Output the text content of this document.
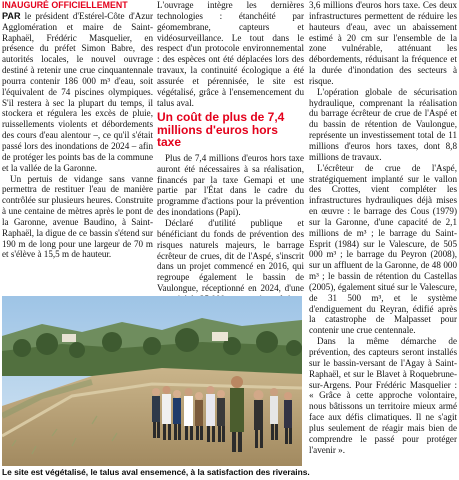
INAUGURÉ OFFICIELLEMENT

PAR le président d'Estérel-Côte d'Azur Agglomération et maire de Saint-Raphaël, Frédéric Masquelier, en présence du préfet Simon Babre, des autorités locales, le nouvel ouvrage destiné à retenir une crue cinquantennale pourra contenir 186 000 m³ d'eau, soit l'équivalent de 74 piscines olympiques. S'il restera à sec la plupart du temps, il stockera et régulera les excès de pluie, ruissellements violents et débordements des cours d'eau alentour –, ce qu'il s'était passé lors des inondations de 2024 – afin de protéger les points bas de la commune et la vallée de la Garonne.

Un pertuis de vidange sans vanne permettra de restituer l'eau de manière contrôlée sur plusieurs heures. Construite à une centaine de mètres après le pont de la Garonne, avenue Baudino, à Saint-Raphaël, la digue de ce bassin s'étend sur 190 m de long pour une largeur de 70 m et s'élève à 15,5 m de hauteur.

L'ouvrage intègre les dernières technologies : étanchéité par géomembrane, capteurs et vidéosurveillance. Le tout dans le respect d'un protocole environnemental : des espèces ont été déplacées lors des travaux, la continuité écologique a été assurée et pérennisée, le site est végétalisé, grâce à l'ensemencement du talus aval.

Un coût de plus de 7,4 millions d'euros hors taxe

Plus de 7,4 millions d'euros hors taxe auront été nécessaires à sa réalisation, financés par la taxe Gemapi et une partie par l'État dans le cadre du programme d'actions pour la prévention des inondations (Papi).

Déclaré d'utilité publique et bénéficiant du fonds de prévention des risques naturels majeurs, le barrage écrêteur de crues, dit de l'Aspé, s'inscrit dans un projet commencé en 2016, qui regroupe également le bassin de Vaulongue, réceptionné en 2024, d'une

3,6 millions d'euros hors taxe. Ces deux infrastructures permettent de réduire les hauteurs d'eau, avec un abaissement estimé à 20 cm sur l'ensemble de la zone vulnérable, atténuant les débordements, réduisant la fréquence et la durée d'inondation des secteurs à risque.

L'opération globale de sécurisation hydraulique, comprenant la réalisation du barrage écrêteur de crue de l'Aspé et du bassin de rétention de Vaulongue, représente un investissement total de 11 millions d'euros hors taxes, dont 8,8 millions de travaux.

L'écrêteur de crue de l'Aspé, stratégiquement implanté sur le vallon des Crottes, vient compléter les infrastructures hydrauliques déjà mises en œuvre : le barrage des Cous (1979) sur la Garonne, d'une capacité de 2,1 millions de m³ ; le barrage du Saint-Esprit (1984) sur le Valescure, de 505 000 m³ ; le barrage du Peyron (2008), sur un affluent de la Garonne, de 48 000 m³ ; le bassin de rétention du Castellas (2005), également situé sur le Valescure, de 31 500 m³, et le système d'endiguement du Reyran, édifié après la catastrophe de Malpasset pour contenir une crue centennale.

Dans la même démarche de prévention, des capteurs seront installés sur le bassin-versant de l'Agay à Saint-Raphaël, et sur le Blavet à Roquebrune-sur-Argens. Pour Frédéric Masquelier : « Grâce à cette approche volontaire, nous bâtissons un territoire mieux armé face aux défis climatiques. Il ne s'agit plus seulement de réagir mais bien de comprendre le passé pour protéger l'avenir ».

Le site est végétalisé, le talus aval ensemencé, à la satisfaction des riverains.
